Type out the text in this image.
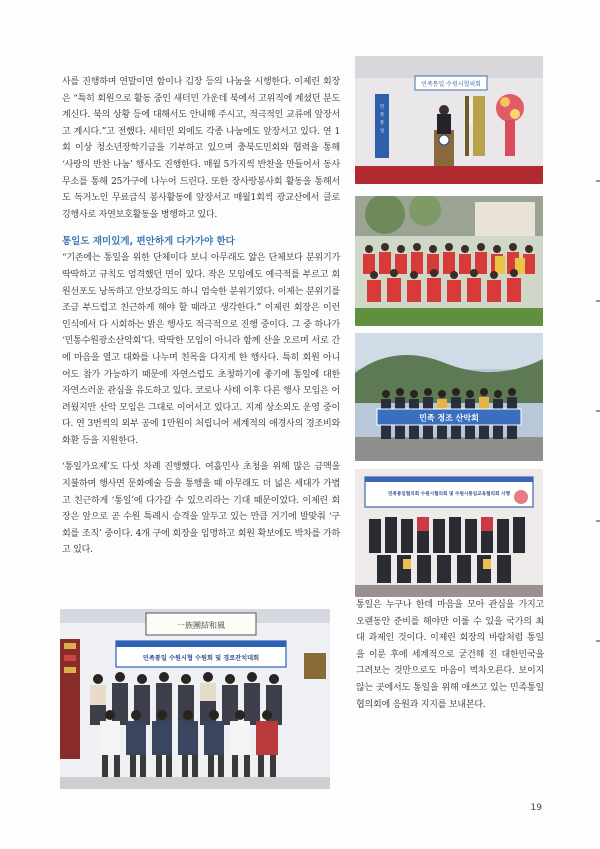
사를 진행하며 연말이면 함이나 김장 등의 나눔을 시행한다. 이제린 회장은 “특히 회원으로 활동 중인 새터민 가운데 북에서 고위직에 계셨던 분도 계신다. 북의 상황 등에 대해서도 안내해 주시고, 적극적인 교류에 앞장서고 계시다.”고 전했다. 새터민 외에도 각종 나눔에도 앞장서고 있다. 연 1회 이상 청소년장학기금을 기부하고 있으며 충북도민회와 협력을 통해 ‘사랑의 반찬 나눔’ 행사도 진행한다. 매월 5가지씩 반찬을 만들어서 동사무소를 통해 25가구에 나누어 드린다. 또한 장사랑봉사회 활동을 통해서도 독거노인 무료급식 봉사활동에 앞장서고 매월1회씩 광교산에서 클로깅행사로 자연보호활동을 병행하고 있다.

통일도 재미있게, 편안하게 다가가야 한다

“기존에는 통일을 위한 단체이다 보니 아무래도 얇은 단체보다 분위기가 딱딱하고 규칙도 엄격했던 면이 있다. 작은 모임에도 예극적를 부르고 회원선포도 낭독하고 안보강의도 하니 엄숙한 분위기였다. 이제는 분위기를 조금 부드럽고 친근하게 해야 할 때라고 생각한다.” 이제린 회장은 이런 인식에서 다 시회하는 밝은 행사도 적극적으로 진행 중이다. 그 중 하나가 ‘민통수원광소산악회’다. 딱딱한 모임이 아니라 함께 산을 오르며 서로 간에 마음을 열고 대화를 나누며 친목을 다지게 한 행사다. 특히 회원 아니어도 참가 가능하기 때문에 자연스럽도 초청하기에 좋기에 통일에 대한 자연스러운 관심을 유도하고 있다. 코로나 사태 이후 다른 행사 모임은 어려웠지만 산악 모임은 그대로 이어서고 있다고. 지계 상소외도 운영 중이다. 연 3번씩의 외부 공에 1만원이 처립니어 세계적의 애경사의 경조비와 화환 등을 지원한다.

‘통일가요제’도 다섯 차례 진행했다. 여흘민사 초청을 위해 많은 금액을 지불하며 행사면 문화예술 등을 통행을 때 아무래도 더 넓은 세대가 가볍고 친근하게 ‘통일’에 다가갈 수 있으리라는 기대 때문이었다. 이제린 회장은 앞으로 곧 수원 특례시 승격을 앞두고 있는 만큼 거기에 발맞춰 ‘구 회를 조직’ 중이다. 4개 구에 회장을 임명하고 회원 확보에도 박차를 가하고 있다.

민족통일 수원시협의회
민
족
통
일
민족 정조 산악회
민족통일협의회 수원시협의회 및 수원시통일교육협의회 시행
一族團結和風
민족통일 수원시협 수원회 및 경로잔치대회

통일은 누구나 한데 마음을 모아 관심을 가지고 오랜동안 준비를 해야만 이룰 수 있을 국가의 최대 과제인 것이다. 이제린 회장의 바람처럼 통일을 이룬 후에 세계적으로 굳건해 진 대한민국을 그려보는 것만으로도 마음이 벅차오른다. 보이지 않는 곳에서도 통일을 위해 애쓰고 있는 민족통일협의회에 응원과 지지를 보내본다.

19
